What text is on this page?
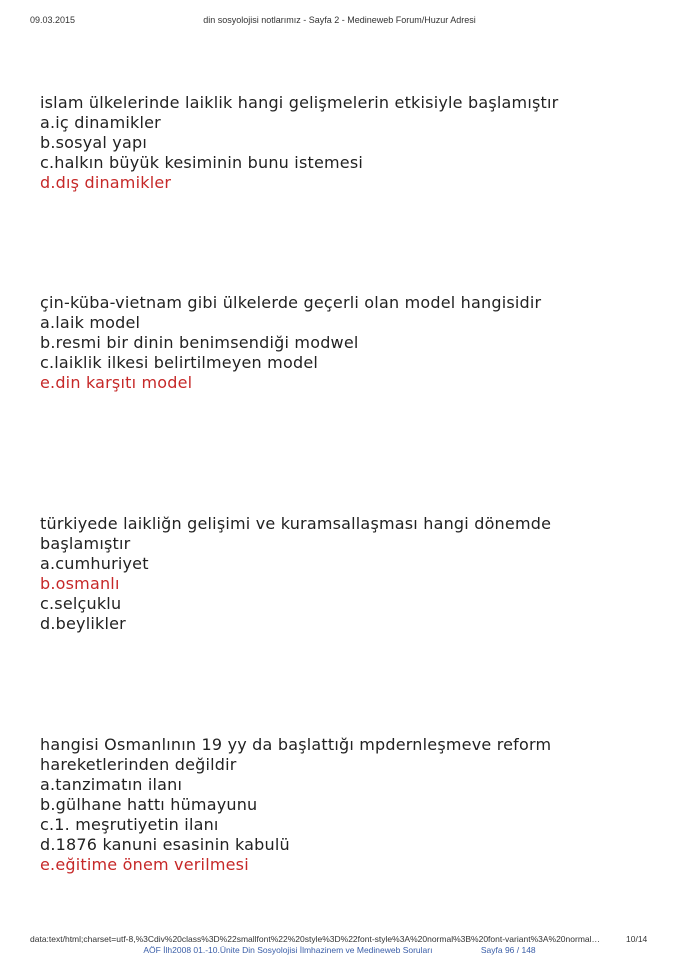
din sosyolojisi notlarımız - Sayfa 2 - Medineweb Forum/Huzur Adresi
09.03.2015
islam ülkelerinde laiklik hangi gelişmelerin etkisiyle başlamıştır
a.iç dinamikler
b.sosyal yapı
c.halkın büyük kesiminin bunu istemesi
d.dış dinamikler
çin-küba-vietnam gibi ülkelerde geçerli olan model hangisidir
a.laik model
b.resmi bir dinin benimsendiği modwel
c.laiklik ilkesi belirtilmeyen model
e.din karşıtı model
türkiyede laikliğn gelişimi ve kuramsallaşması hangi dönemde
başlamıştır
a.cumhuriyet
b.osmanlı
c.selçuklu
d.beylikler
hangisi Osmanlının 19 yy da başlattığı mpdernleşmeve reform
hareketlerinden değildir
a.tanzimatın ilanı
b.gülhane hattı hümayunu
c.1. meşrutiyetin ilanı
d.1876 kanuni esasinin kabulü
e.eğitime önem verilmesi
data:text/html;charset=utf-8,%3Cdiv%20class%3D%22smallfont%22%20style%3D%22font-style%3A%20normal%3B%20font-variant%3A%20normal…	10/14
AÖF İlh2008 01.-10.Ünite Din Sosyolojisi İlmhazinem ve Medineweb Soruları	Sayfa 96 / 148
